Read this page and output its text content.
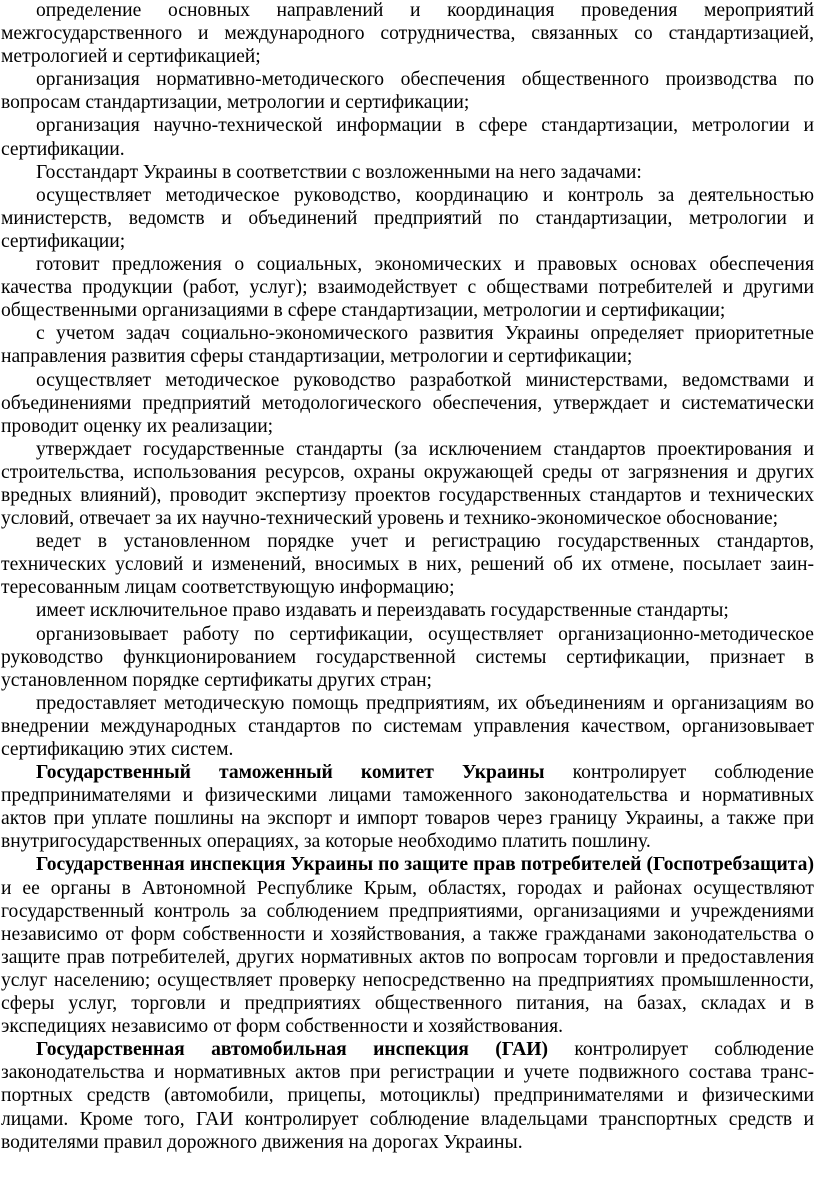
определение основных направлений и координация проведения мероприятий межгосударственного и международного сотрудничества, связанных со стандартизацией, метрологией и сертификацией;

организация нормативно-методического обеспечения общественного производства по вопросам стандартизации, метрологии и сертификации;

организация научно-технической информации в сфере стандартизации, метрологии и сертификации.

Госстандарт Украины в соответствии с возложенными на него задачами:

осуществляет методическое руководство, координацию и контроль за деятельностью министерств, ведомств и объединений предприятий по стандартизации, метрологии и сертификации;

готовит предложения о социальных, экономических и правовых основах обеспечения качества продукции (работ, услуг); взаимодействует с обществами потребителей и другими общественными организациями в сфере стандартизации, метрологии и сертификации;

с учетом задач социально-экономического развития Украины определяет приоритетные направления развития сферы стандартизации, метрологии и сертификации;

осуществляет методическое руководство разработкой министерствами, ведомствами и объединениями предприятий методологического обеспечения, утверждает и систематически проводит оценку их реализации;

утверждает государственные стандарты (за исключением стандартов проектирования и строительства, использования ресурсов, охраны окружающей среды от загрязнения и других вредных влияний), проводит экспертизу проектов государственных стандартов и технических условий, отвечает за их научно-технический уровень и технико-экономическое обоснование;

ведет в установленном порядке учет и регистрацию государственных стандартов, технических условий и изменений, вносимых в них, решений об их отмене, посылает заинтересованным лицам соответствующую информацию;

имеет исключительное право издавать и переиздавать государственные стандарты;

организовывает работу по сертификации, осуществляет организационно-методическое руководство функционированием государственной системы сертификации, признает в установленном порядке сертификаты других стран;

предоставляет методическую помощь предприятиям, их объединениям и организациям во внедрении международных стандартов по системам управления качеством, организовывает сертификацию этих систем.

Государственный таможенный комитет Украины контролирует соблюдение предпринимателями и физическими лицами таможенного законодательства и нормативных актов при уплате пошлины на экспорт и импорт товаров через границу Украины, а также при внутригосударственных операциях, за которые необходимо платить пошлину.

Государственная инспекция Украины по защите прав потребителей (Госпотребзащита) и ее органы в Автономной Республике Крым, областях, городах и районах осуществляют государственный контроль за соблюдением предприятиями, организациями и учреждениями независимо от форм собственности и хозяйствования, а также гражданами законодательства о защите прав потребителей, других нормативных актов по вопросам торговли и предоставления услуг населению; осуществляет проверку непосредственно на предприятиях промышленности, сферы услуг, торговли и предприятиях общественного питания, на базах, складах и в экспедициях независимо от форм собственности и хозяйствования.

Государственная автомобильная инспекция (ГАИ) контролирует соблюдение законодательства и нормативных актов при регистрации и учете подвижного состава транспортных средств (автомобили, прицепы, мотоциклы) предпринимателями и физическими лицами. Кроме того, ГАИ контролирует соблюдение владельцами транспортных средств и водителями правил дорожного движения на дорогах Украины.
